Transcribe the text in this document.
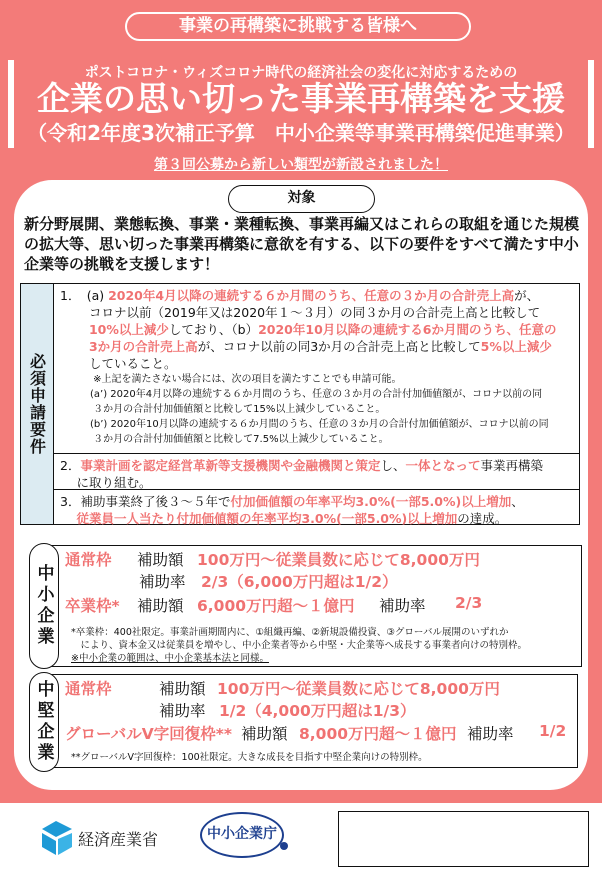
事業の再構築に挑戦する皆様へ
ポストコロナ・ウィズコロナ時代の経済社会の変化に対応するための
企業の思い切った事業再構築を支援
（令和2年度3次補正予算　中小企業等事業再構築促進事業）
第３回公募から新しい類型が新設されました！
対象
新分野展開、業態転換、事業・業種転換、事業再編又はこれらの取組を通じた規模
の拡大等、思い切った事業再構築に意欲を有する、以下の要件をすべて満たす中小
企業等の挑戦を支援します！
必須申請要件
1．　(a) 2020年4月以降の連続する６か月間のうち、任意の３か月の合計売上高が、
　　 コロナ以前（2019年又は2020年１～３月）の同３か月の合計売上高と比較して
　　 10%以上減少しており、（b）2020年10月以降の連続する6か月間のうち、任意の
　　 3か月の合計売上高が、コロナ以前の同3か月の合計売上高と比較して5%以上減少
　　 していること。
　　　 ※上記を満たさない場合には、次の項目を満たすことでも申請可能。
　　　(a’) 2020年4月以降の連続する６か月間のうち、任意の３か月の合計付加価値額が、コロナ以前の同
　　　 ３か月の合計付加価値額と比較して15%以上減少していること。
　　　(b’) 2020年10月以降の連続する６か月間のうち、任意の３か月の合計付加価値額が、コロナ以前の同
　　　 ３か月の合計付加価値額と比較して7.5%以上減少していること。
2．事業計画を認定経営革新等支援機関や金融機関と策定し、一体となって事業再構築
　 に取り組む。
3．補助事業終了後３～５年で付加価値額の年率平均3.0%(一部5.0%)以上増加、
　 従業員一人当たり付加価値額の年率平均3.0%(一部5.0%)以上増加の達成。
通常枠 補助額 100万円～従業員数に応じて8,000万円
補助率 2/3（6,000万円超は1/2）
卒業枠* 補助額 6,000万円超～１億円 補助率 2/3
*卒業枠：400社限定。事業計画期間内に、①組織再編、②新規設備投資、③グローバル展開のいずれか
　により、資本金又は従業員を増やし、中小企業者等から中堅・大企業等へ成長する事業者向けの特別枠。
※中小企業の範囲は、中小企業基本法と同様。
中小企業
通常枠	補助額 100万円～従業員数に応じて8,000万円
補助率 1/2（4,000万円超は1/3）
グローバルV字回復枠** 補助額 8,000万円超～１億円 補助率 1/2
**グローバルV字回復枠：100社限定。大きな成長を目指す中堅企業向けの特別枠。
中堅企業
経済産業省	中小企業庁
